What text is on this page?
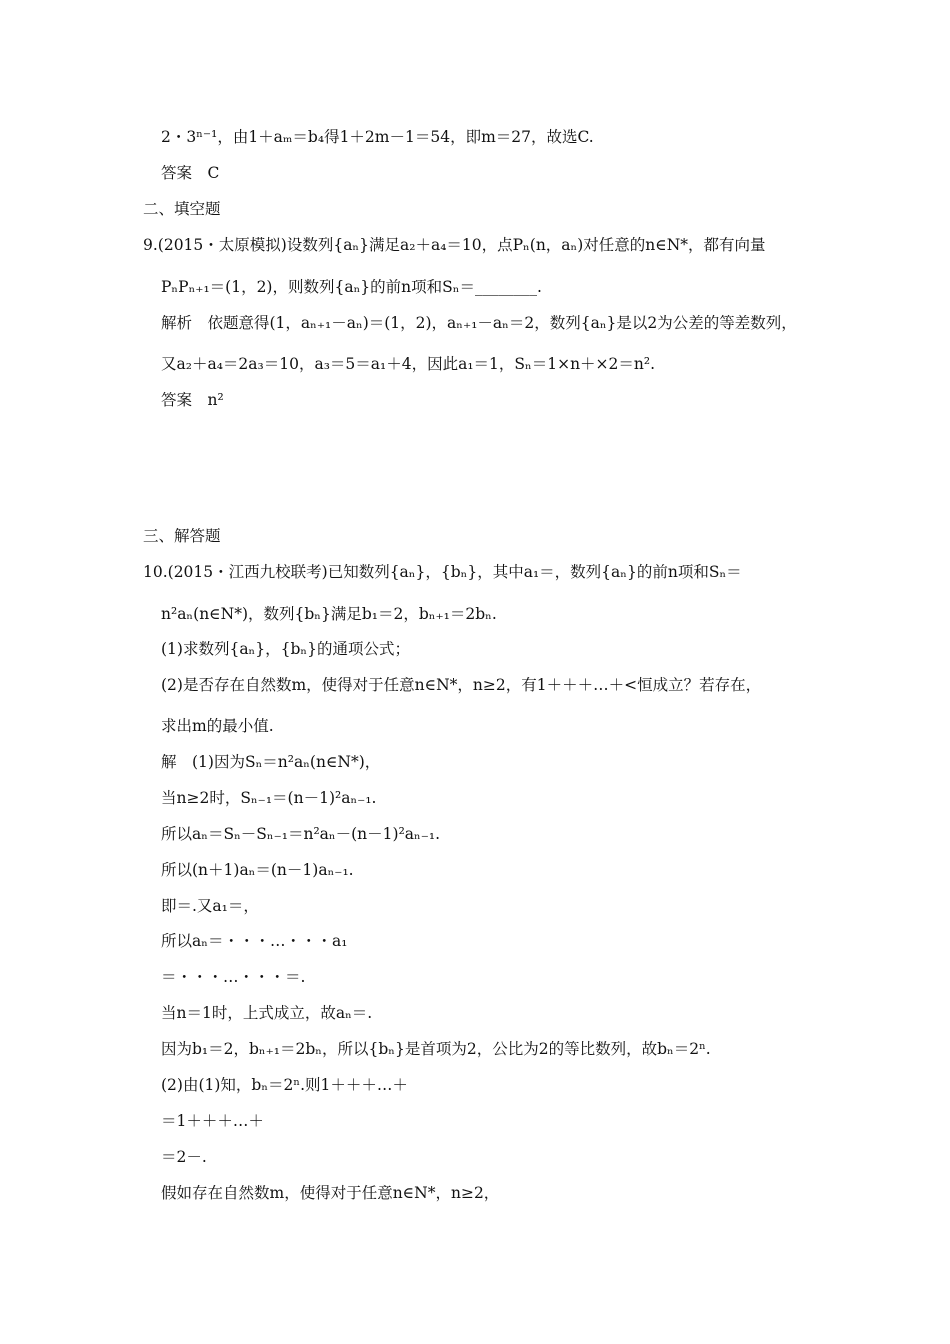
2・3ⁿ⁻¹，由1＋aₘ＝b₄得1＋2m－1＝54，即m＝27，故选C.
答案　C
二、填空题
9.(2015・太原模拟)设数列{aₙ}满足a₂＋a₄＝10，点Pₙ(n，aₙ)对任意的n∈N*，都有向量
PₙPₙ₊₁＝(1，2)，则数列{aₙ}的前n项和Sₙ＝________.
解析　依题意得(1，aₙ₊₁－aₙ)＝(1，2)，aₙ₊₁－aₙ＝2，数列{aₙ}是以2为公差的等差数列，
又a₂＋a₄＝2a₃＝10，a₃＝5＝a₁＋4，因此a₁＝1，Sₙ＝1×n＋×2＝n².
答案　n²
三、解答题
10.(2015・江西九校联考)已知数列{aₙ}，{bₙ}，其中a₁＝，数列{aₙ}的前n项和Sₙ＝
n²aₙ(n∈N*)，数列{bₙ}满足b₁＝2，bₙ₊₁＝2bₙ.
(1)求数列{aₙ}，{bₙ}的通项公式；
(2)是否存在自然数m，使得对于任意n∈N*，n≥2，有1＋＋＋…＋<恒成立？若存在，
求出m的最小值.
解　(1)因为Sₙ＝n²aₙ(n∈N*)，
当n≥2时，Sₙ₋₁＝(n－1)²aₙ₋₁.
所以aₙ＝Sₙ－Sₙ₋₁＝n²aₙ－(n－1)²aₙ₋₁.
所以(n＋1)aₙ＝(n－1)aₙ₋₁.
即＝.又a₁＝，
所以aₙ＝・・・…・・・a₁
＝・・・…・・・＝.
当n＝1时，上式成立，故aₙ＝.
因为b₁＝2，bₙ₊₁＝2bₙ，所以{bₙ}是首项为2，公比为2的等比数列，故bₙ＝2ⁿ.
(2)由(1)知，bₙ＝2ⁿ.则1＋＋＋…＋
＝1＋＋＋…＋
＝2－.
假如存在自然数m，使得对于任意n∈N*，n≥2，
